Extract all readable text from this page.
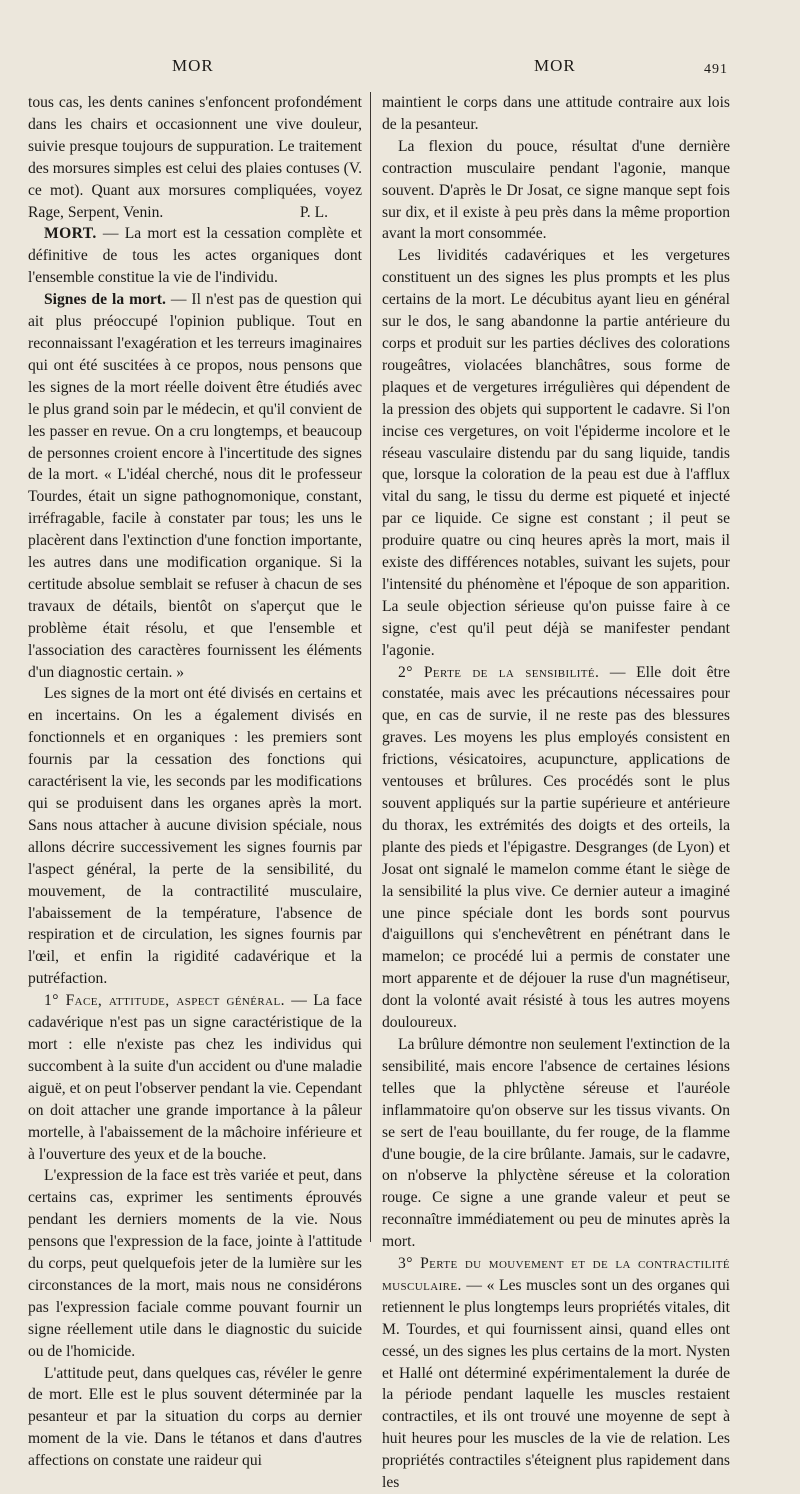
MOR	MOR	491

tous cas, les dents canines s'enfoncent profondément dans les chairs et occasionnent une vive douleur, suivie presque toujours de suppuration. Le traitement des morsures simples est celui des plaies contuses (V. ce mot). Quant aux morsures compliquées, voyez Rage, Serpent, Venin.	P. L.

MORT. — La mort est la cessation complète et définitive de tous les actes organiques dont l'ensemble constitue la vie de l'individu.

Signes de la mort. — Il n'est pas de question qui ait plus préoccupé l'opinion publique. Tout en reconnaissant l'exagération et les terreurs imaginaires qui ont été suscitées à ce propos, nous pensons que les signes de la mort réelle doivent être étudiés avec le plus grand soin par le médecin, et qu'il convient de les passer en revue. On a cru longtemps, et beaucoup de personnes croient encore à l'incertitude des signes de la mort. « L'idéal cherché, nous dit le professeur Tourdes, était un signe pathognomonique, constant, irréfragable, facile à constater par tous; les uns le placèrent dans l'extinction d'une fonction importante, les autres dans une modification organique. Si la certitude absolue semblait se refuser à chacun de ses travaux de détails, bientôt on s'aperçut que le problème était résolu, et que l'ensemble et l'association des caractères fournissent les éléments d'un diagnostic certain. »

Les signes de la mort ont été divisés en certains et en incertains. On les a également divisés en fonctionnels et en organiques : les premiers sont fournis par la cessation des fonctions qui caractérisent la vie, les seconds par les modifications qui se produisent dans les organes après la mort. Sans nous attacher à aucune division spéciale, nous allons décrire successivement les signes fournis par l'aspect général, la perte de la sensibilité, du mouvement, de la contractilité musculaire, l'abaissement de la température, l'absence de respiration et de circulation, les signes fournis par l'œil, et enfin la rigidité cadavérique et la putréfaction.

1° Face, attitude, aspect général. — La face cadavérique n'est pas un signe caractéristique de la mort : elle n'existe pas chez les individus qui succombent à la suite d'un accident ou d'une maladie aiguë, et on peut l'observer pendant la vie. Cependant on doit attacher une grande importance à la pâleur mortelle, à l'abaissement de la mâchoire inférieure et à l'ouverture des yeux et de la bouche.

L'expression de la face est très variée et peut, dans certains cas, exprimer les sentiments éprouvés pendant les derniers moments de la vie. Nous pensons que l'expression de la face, jointe à l'attitude du corps, peut quelquefois jeter de la lumière sur les circonstances de la mort, mais nous ne considérons pas l'expression faciale comme pouvant fournir un signe réellement utile dans le diagnostic du suicide ou de l'homicide.

L'attitude peut, dans quelques cas, révéler le genre de mort. Elle est le plus souvent déterminée par la pesanteur et par la situation du corps au dernier moment de la vie. Dans le tétanos et dans d'autres affections on constate une raideur qui

maintient le corps dans une attitude contraire aux lois de la pesanteur.

La flexion du pouce, résultat d'une dernière contraction musculaire pendant l'agonie, manque souvent. D'après le Dr Josat, ce signe manque sept fois sur dix, et il existe à peu près dans la même proportion avant la mort consommée.

Les lividités cadavériques et les vergetures constituent un des signes les plus prompts et les plus certains de la mort. Le décubitus ayant lieu en général sur le dos, le sang abandonne la partie antérieure du corps et produit sur les parties déclives des colorations rougeâtres, violacées blanchâtres, sous forme de plaques et de vergetures irrégulières qui dépendent de la pression des objets qui supportent le cadavre. Si l'on incise ces vergetures, on voit l'épiderme incolore et le réseau vasculaire distendu par du sang liquide, tandis que, lorsque la coloration de la peau est due à l'afflux vital du sang, le tissu du derme est piqueté et injecté par ce liquide. Ce signe est constant ; il peut se produire quatre ou cinq heures après la mort, mais il existe des différences notables, suivant les sujets, pour l'intensité du phénomène et l'époque de son apparition. La seule objection sérieuse qu'on puisse faire à ce signe, c'est qu'il peut déjà se manifester pendant l'agonie.

2° Perte de la sensibilité. — Elle doit être constatée, mais avec les précautions nécessaires pour que, en cas de survie, il ne reste pas des blessures graves. Les moyens les plus employés consistent en frictions, vésicatoires, acupuncture, applications de ventouses et brûlures. Ces procédés sont le plus souvent appliqués sur la partie supérieure et antérieure du thorax, les extrémités des doigts et des orteils, la plante des pieds et l'épigastre. Desgranges (de Lyon) et Josat ont signalé le mamelon comme étant le siège de la sensibilité la plus vive. Ce dernier auteur a imaginé une pince spéciale dont les bords sont pourvus d'aiguillons qui s'enchevêtrent en pénétrant dans le mamelon; ce procédé lui a permis de constater une mort apparente et de déjouer la ruse d'un magnétiseur, dont la volonté avait résisté à tous les autres moyens douloureux.

La brûlure démontre non seulement l'extinction de la sensibilité, mais encore l'absence de certaines lésions telles que la phlyctène séreuse et l'auréole inflammatoire qu'on observe sur les tissus vivants. On se sert de l'eau bouillante, du fer rouge, de la flamme d'une bougie, de la cire brûlante. Jamais, sur le cadavre, on n'observe la phlyctène séreuse et la coloration rouge. Ce signe a une grande valeur et peut se reconnaître immédiatement ou peu de minutes après la mort.

3° Perte du mouvement et de la contractilité musculaire. — « Les muscles sont un des organes qui retiennent le plus longtemps leurs propriétés vitales, dit M. Tourdes, et qui fournissent ainsi, quand elles ont cessé, un des signes les plus certains de la mort. Nysten et Hallé ont déterminé expérimentalement la durée de la période pendant laquelle les muscles restaient contractiles, et ils ont trouvé une moyenne de sept à huit heures pour les muscles de la vie de relation. Les propriétés contractiles s'éteignent plus rapidement dans les
